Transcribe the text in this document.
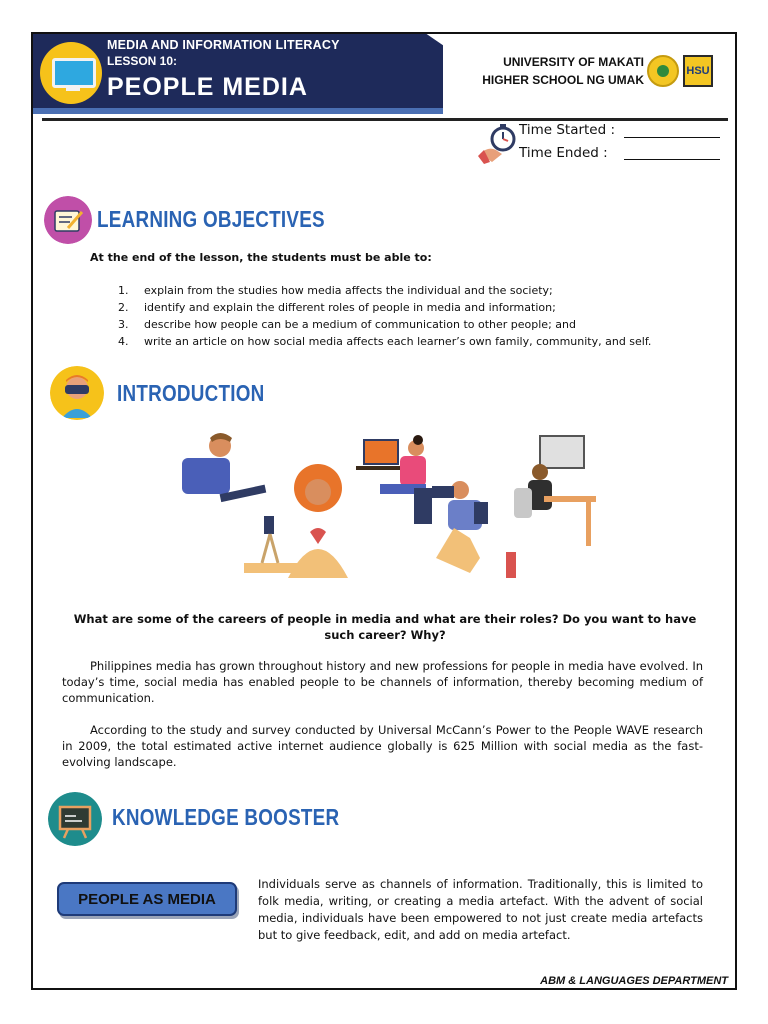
MEDIA AND INFORMATION LITERACY
LESSON 10:
PEOPLE MEDIA
UNIVERSITY OF MAKATI
HIGHER SCHOOL NG UMAK
HSU
Time Started :
Time Ended :
LEARNING OBJECTIVES
At the end of the lesson, the students must be able to:
1.	explain from the studies how media affects the individual and the society;
2.	identify and explain the different roles of people in media and information;
3.	describe how people can be a medium of communication to other people; and
4.	write an article on how social media affects each learner’s own family, community, and self.
INTRODUCTION
What are some of the careers of people in media and what are their roles? Do you want to have such career? Why?
Philippines media has grown throughout history and new professions for people in media have evolved. In today’s time, social media has enabled people to be channels of information, thereby becoming medium of communication.
According to the study and survey conducted by Universal McCann’s Power to the People WAVE research in 2009, the total estimated active internet audience globally is 625 Million with social media as the fast-evolving landscape.
KNOWLEDGE BOOSTER
PEOPLE AS MEDIA
Individuals serve as channels of information. Traditionally, this is limited to folk media, writing, or creating a media artefact. With the advent of social media, individuals have been empowered to not just create media artefacts but to give feedback, edit, and add on media artefact.
ABM & LANGUAGES DEPARTMENT
